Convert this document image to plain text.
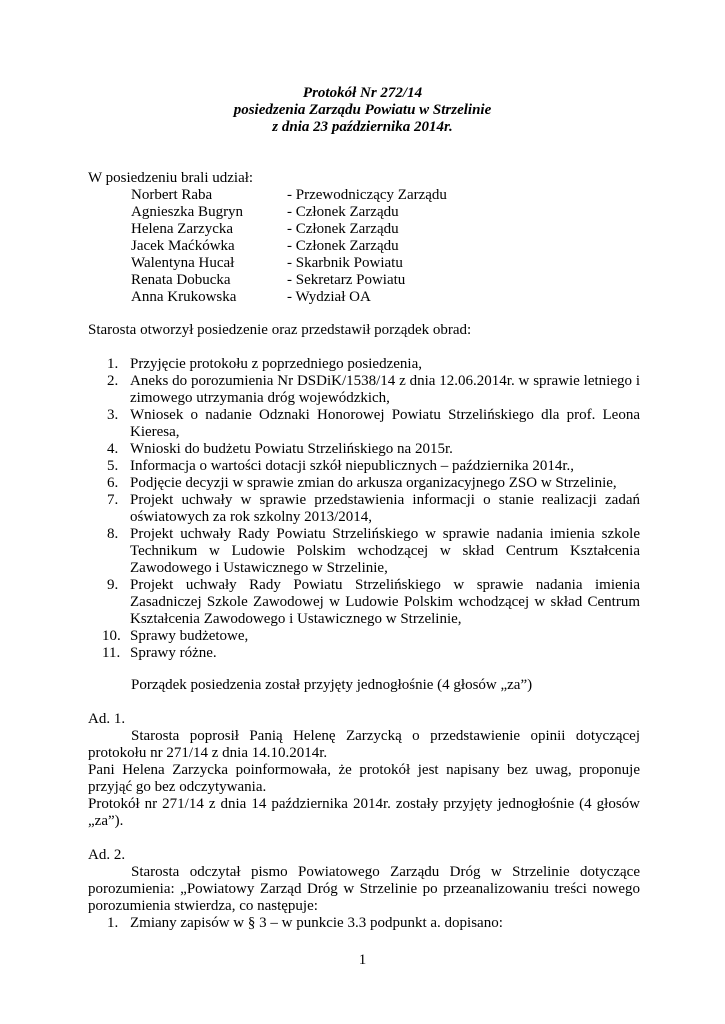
Protokół Nr 272/14
posiedzenia Zarządu Powiatu w Strzelinie
z dnia 23 października 2014r.
W posiedzeniu brali udział:
Norbert Raba	- Przewodniczący Zarządu
Agnieszka Bugryn	- Członek Zarządu
Helena Zarzycka	- Członek Zarządu
Jacek Maćkówka	- Członek Zarządu
Walentyna Hucał	- Skarbnik Powiatu
Renata Dobucka	- Sekretarz Powiatu
Anna Krukowska	- Wydział OA
Starosta otworzył posiedzenie oraz przedstawił porządek obrad:
1. Przyjęcie protokołu z poprzedniego posiedzenia,
2. Aneks do porozumienia Nr DSDiK/1538/14 z dnia 12.06.2014r. w sprawie letniego i zimowego utrzymania dróg wojewódzkich,
3. Wniosek o nadanie Odznaki Honorowej Powiatu Strzelińskiego dla prof. Leona Kieresa,
4. Wnioski do budżetu Powiatu Strzelińskiego na 2015r.
5. Informacja o wartości dotacji szkół niepublicznych – października 2014r.,
6. Podjęcie decyzji w sprawie zmian do arkusza organizacyjnego ZSO w Strzelinie,
7. Projekt uchwały w sprawie przedstawienia informacji o stanie realizacji zadań oświatowych za rok szkolny 2013/2014,
8. Projekt uchwały Rady Powiatu Strzelińskiego w sprawie nadania imienia szkole Technikum w Ludowie Polskim wchodzącej w skład Centrum Kształcenia Zawodowego i Ustawicznego w Strzelinie,
9. Projekt uchwały Rady Powiatu Strzelińskiego w sprawie nadania imienia Zasadniczej Szkole Zawodowej w Ludowie Polskim wchodzącej w skład Centrum Kształcenia Zawodowego i Ustawicznego w Strzelinie,
10. Sprawy budżetowe,
11. Sprawy różne.
Porządek posiedzenia został przyjęty jednogłośnie (4 głosów „za”)
Ad. 1.
Starosta poprosił Panią Helenę Zarzycką o przedstawienie opinii dotyczącej protokołu nr 271/14 z dnia 14.10.2014r.
Pani Helena Zarzycka poinformowała, że protokół jest napisany bez uwag, proponuje przyjąć go bez odczytywania.
Protokół nr 271/14 z dnia 14 października 2014r. zostały przyjęty jednogłośnie (4 głosów „za”).
Ad. 2.
Starosta odczytał pismo Powiatowego Zarządu Dróg w Strzelinie dotyczące porozumienia: „Powiatowy Zarząd Dróg w Strzelinie po przeanalizowaniu treści nowego porozumienia stwierdza, co następuje:
1. Zmiany zapisów w § 3 – w punkcie 3.3 podpunkt a. dopisano:
1
